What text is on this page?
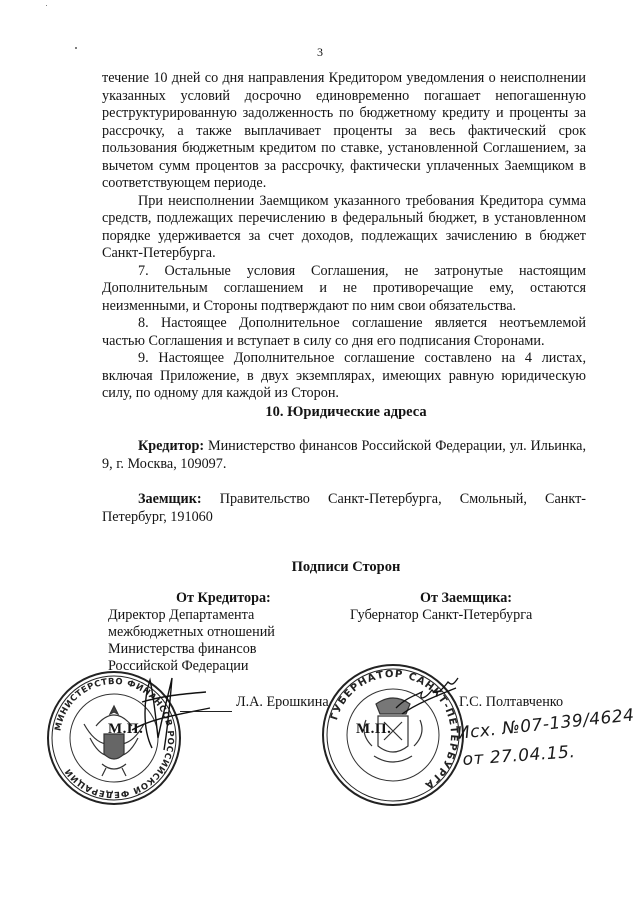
3

течение 10 дней со дня направления Кредитором уведомления о неисполнении указанных условий досрочно единовременно погашает непогашенную реструктурированную задолженность по бюджетному кредиту и проценты за рассрочку, а также выплачивает проценты за весь фактический срок пользования бюджетным кредитом по ставке, установленной Соглашением, за вычетом сумм процентов за рассрочку, фактически уплаченных Заемщиком в соответствующем периоде.

При неисполнении Заемщиком указанного требования Кредитора сумма средств, подлежащих перечислению в федеральный бюджет, в установленном порядке удерживается за счет доходов, подлежащих зачислению в бюджет Санкт-Петербурга.

7. Остальные условия Соглашения, не затронутые настоящим Дополнительным соглашением и не противоречащие ему, остаются неизменными, и Стороны подтверждают по ним свои обязательства.

8. Настоящее Дополнительное соглашение является неотъемлемой частью Соглашения и вступает в силу со дня его подписания Сторонами.

9. Настоящее Дополнительное соглашение составлено на 4 листах, включая Приложение, в двух экземплярах, имеющих равную юридическую силу, по одному для каждой из Сторон.

10. Юридические адреса
Кредитор: Министерство финансов Российской Федерации, ул. Ильинка, 9, г. Москва, 109097.
Заемщик: Правительство Санкт-Петербурга, Смольный, Санкт-Петербург, 191060
Подписи Сторон
От Кредитора:
Директор Департамента межбюджетных отношений Министерства финансов Российской Федерации
От Заемщика:
Губернатор Санкт-Петербурга
МИНИСТЕРСТВО ФИНАНСОВ РОССИЙСКОЙ ФЕДЕРАЦИИ
М.П.
Л.А. Ерошкина
ГУБЕРНАТОР САНКТ-ПЕТЕРБУРГА
М.П.
Г.С. Полтавченко
Исх. №07-139/4624
от 27.04.15.
